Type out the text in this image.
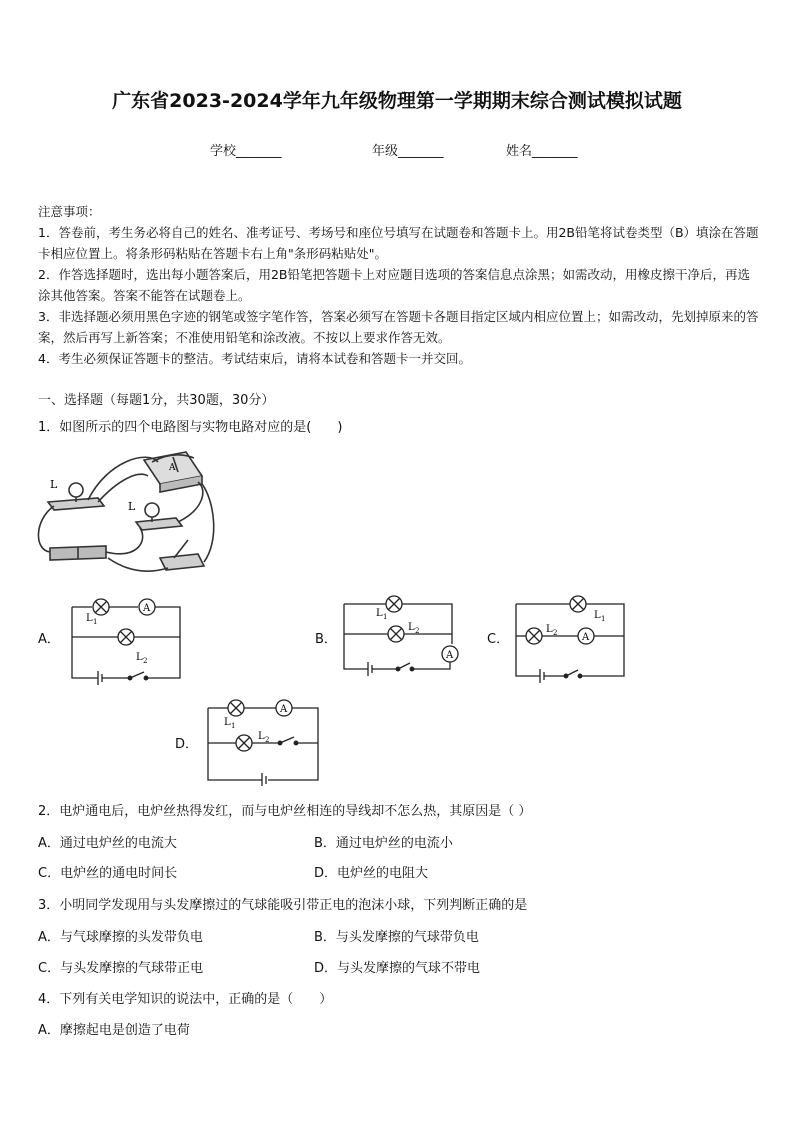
广东省2023-2024学年九年级物理第一学期期末综合测试模拟试题
学校_______	年级_______	姓名_______
注意事项：
1．答卷前，考生务必将自己的姓名、准考证号、考场号和座位号填写在试题卷和答题卡上。用2B铅笔将试卷类型（B）填涂在答题卡相应位置上。将条形码粘贴在答题卡右上角"条形码粘贴处"。
2．作答选择题时，选出每小题答案后，用2B铅笔把答题卡上对应题目选项的答案信息点涂黑；如需改动，用橡皮擦干净后，再选涂其他答案。答案不能答在试题卷上。
3．非选择题必须用黑色字迹的钢笔或签字笔作答，答案必须写在答题卡各题目指定区域内相应位置上；如需改动，先划掉原来的答案，然后再写上新答案；不准使用铅笔和涂改液。不按以上要求作答无效。
4．考生必须保证答题卡的整洁。考试结束后，请将本试卷和答题卡一并交回。
一、选择题（每题1分，共30题，30分）
1．如图所示的四个电路图与实物电路对应的是(　　)
L
L
A
A．
A
L 1
L 2
B．
A
L 1
L 2
C．	A
L 1
L 2
D．
A
L 1
L 2
2．电炉通电后，电炉丝热得发红，而与电炉丝相连的导线却不怎么热，其原因是（ ）
A．通过电炉丝的电流大	B．通过电炉丝的电流小
C．电炉丝的通电时间长	D．电炉丝的电阻大
3．小明同学发现用与头发摩擦过的气球能吸引带正电的泡沫小球，下列判断正确的是
A．与气球摩擦的头发带负电	B．与头发摩擦的气球带负电
C．与头发摩擦的气球带正电	D．与头发摩擦的气球不带电
4．下列有关电学知识的说法中，正确的是（　　）
A．摩擦起电是创造了电荷
